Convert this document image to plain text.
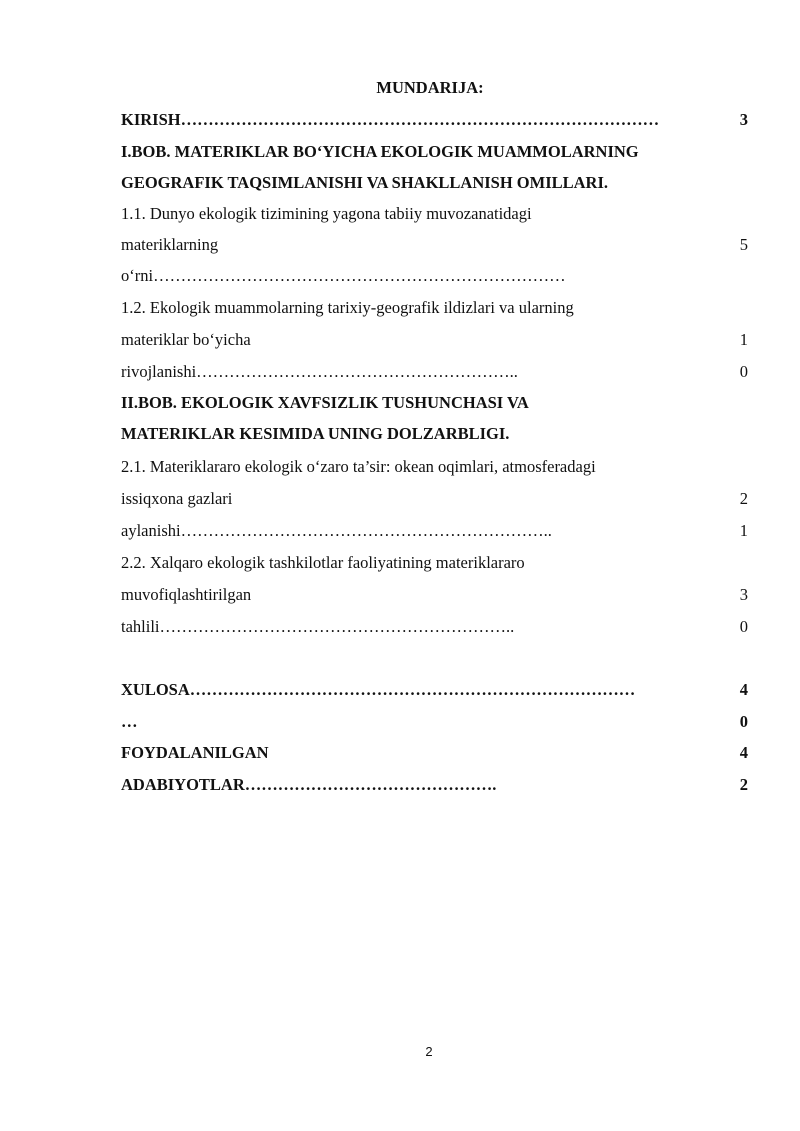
MUNDARIJA:
KIRISH……………………………………………………………………………	3
I.BOB. MATERIKLAR BO‘YICHA EKOLOGIK MUAMMOLARNING
GEOGRAFIK TAQSIMLANISHI VA SHAKLLANISH OMILLARI.
1.1. Dunyo ekologik tizimining yagona tabiiy muvozanatidagi
materiklarning	5
o‘rni…………………………………………………………………
1.2. Ekologik muammolarning tarixiy-geografik ildizlari va ularning
materiklar bo‘yicha	1
rivojlanishi…………………………………………………..	0
II.BOB. EKOLOGIK XAVFSIZLIK TUSHUNCHASI VA
MATERIKLAR KESIMIDA UNING DOLZARBLIGI.
2.1. Materiklararo ekologik o‘zaro ta’sir: okean oqimlari, atmosferadagi
issiqxona gazlari	2
aylanishi…………………………………………………………..	1
2.2. Xalqaro ekologik tashkilotlar faoliyatining materiklararo
muvofiqlashtirilgan	3
tahlili………………………………………………………..	0
XULOSA………………………………………………………………………	4
…	0
FOYDALANILGAN	4
ADABIYOTLAR……………………………………….	2
2
